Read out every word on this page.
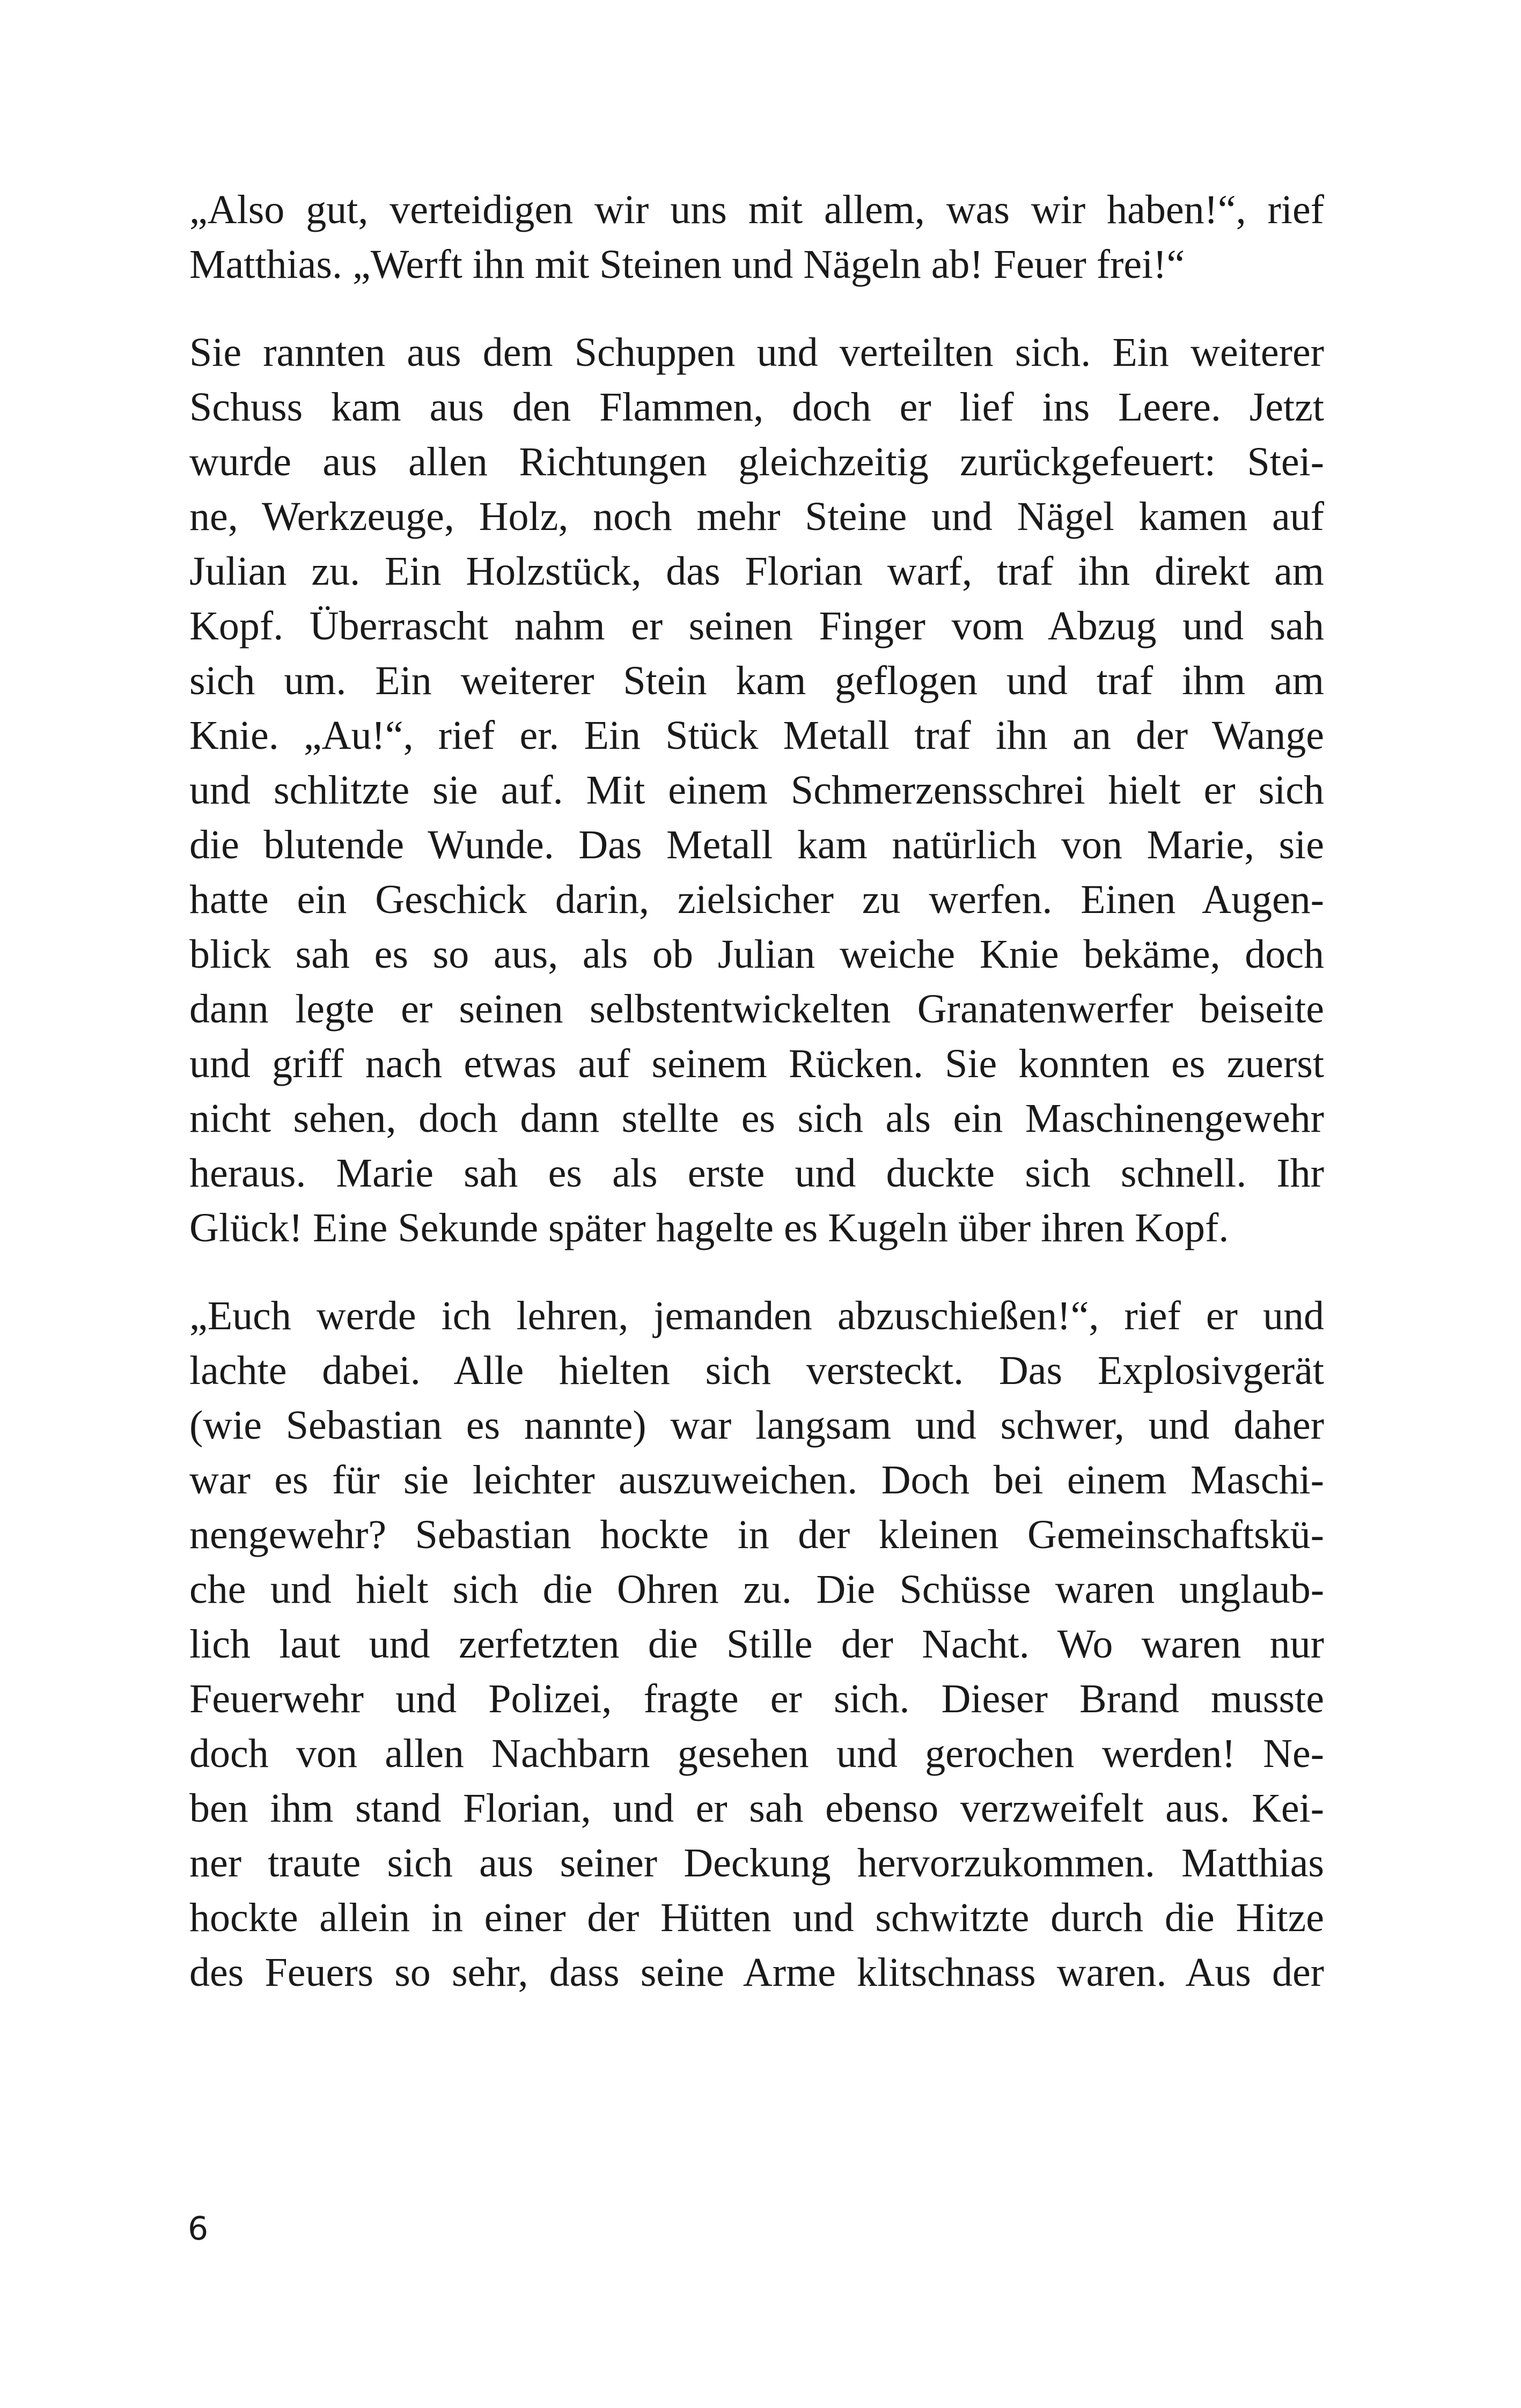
„Also gut, verteidigen wir uns mit allem, was wir haben!“, rief
Matthias. „Werft ihn mit Steinen und Nägeln ab! Feuer frei!“
Sie rannten aus dem Schuppen und verteilten sich. Ein weiterer
Schuss kam aus den Flammen, doch er lief ins Leere. Jetzt
wurde aus allen Richtungen gleichzeitig zurückgefeuert: Stei-
ne, Werkzeuge, Holz, noch mehr Steine und Nägel kamen auf
Julian zu. Ein Holzstück, das Florian warf, traf ihn direkt am
Kopf. Überrascht nahm er seinen Finger vom Abzug und sah
sich um. Ein weiterer Stein kam geflogen und traf ihm am
Knie. „Au!“, rief er. Ein Stück Metall traf ihn an der Wange
und schlitzte sie auf. Mit einem Schmerzensschrei hielt er sich
die blutende Wunde. Das Metall kam natürlich von Marie, sie
hatte ein Geschick darin, zielsicher zu werfen. Einen Augen-
blick sah es so aus, als ob Julian weiche Knie bekäme, doch
dann legte er seinen selbstentwickelten Granatenwerfer beiseite
und griff nach etwas auf seinem Rücken. Sie konnten es zuerst
nicht sehen, doch dann stellte es sich als ein Maschinengewehr
heraus. Marie sah es als erste und duckte sich schnell. Ihr
Glück! Eine Sekunde später hagelte es Kugeln über ihren Kopf.
„Euch werde ich lehren, jemanden abzuschießen!“, rief er und
lachte dabei. Alle hielten sich versteckt. Das Explosivgerät
(wie Sebastian es nannte) war langsam und schwer, und daher
war es für sie leichter auszuweichen. Doch bei einem Maschi-
nengewehr? Sebastian hockte in der kleinen Gemeinschaftskü-
che und hielt sich die Ohren zu. Die Schüsse waren unglaub-
lich laut und zerfetzten die Stille der Nacht. Wo waren nur
Feuerwehr und Polizei, fragte er sich. Dieser Brand musste
doch von allen Nachbarn gesehen und gerochen werden! Ne-
ben ihm stand Florian, und er sah ebenso verzweifelt aus. Kei-
ner traute sich aus seiner Deckung hervorzukommen. Matthias
hockte allein in einer der Hütten und schwitzte durch die Hitze
des Feuers so sehr, dass seine Arme klitschnass waren. Aus der
6
